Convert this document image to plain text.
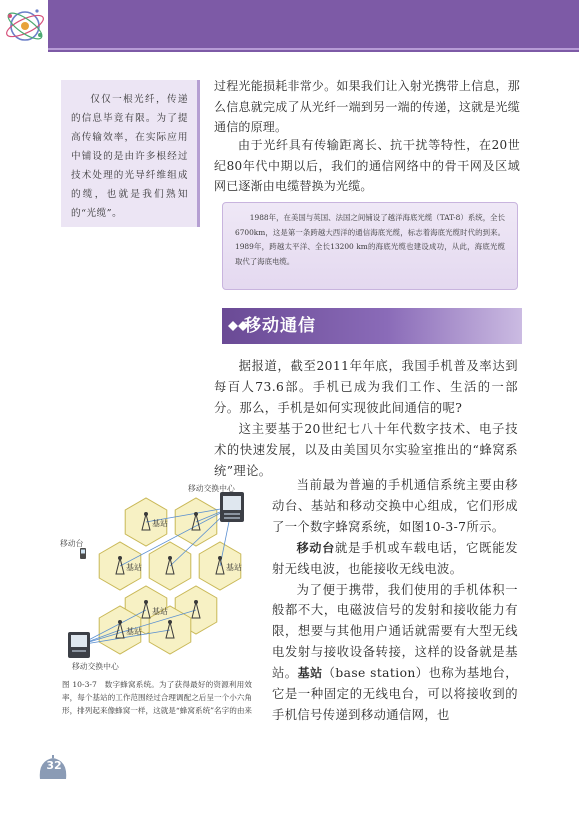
仅仅一根光纤，传递的信息毕竟有限。为了提高传输效率，在实际应用中铺设的是由许多根经过技术处理的光导纤维组成的缆，也就是我们熟知的“光缆”。

过程光能损耗非常少。如果我们让入射光携带上信息，那么信息就完成了从光纤一端到另一端的传递，这就是光缆通信的原理。

由于光纤具有传输距离长、抗干扰等特性，在20世纪80年代中期以后，我们的通信网络中的骨干网及区域网已逐渐由电缆替换为光缆。

1988年，在美国与英国、法国之间铺设了越洋海底光缆（TAT-8）系统，全长6700km，这是第一条跨越大西洋的通信海底光缆，标志着海底光缆时代的到来。1989年，跨越太平洋、全长13200 km的海底光缆也建设成功，从此，海底光缆取代了海底电缆。

移动通信

据报道，截至2011年年底，我国手机普及率达到每百人73.6部。手机已成为我们工作、生活的一部分。那么，手机是如何实现彼此间通信的呢?

这主要基于20世纪七八十年代数字技术、电子技术的快速发展，以及由美国贝尔实验室推出的“蜂窝系统”理论。

当前最为普遍的手机通信系统主要由移动台、基站和移动交换中心组成，它们形成了一个数字蜂窝系统，如图10-3-7所示。

移动台就是手机或车载电话，它既能发射无线电波，也能接收无线电波。

为了便于携带，我们使用的手机体积一般都不大，电磁波信号的发射和接收能力有限，想要与其他用户通话就需要有大型无线电发射与接收设备转接，这样的设备就是基站。基站（base station）也称为基地台，它是一种固定的无线电台，可以将接收到的手机信号传递到移动通信网，也

基站
基站	基站
基站
基站
移动交换中心
移动台
移动交换中心
图 10-3-7　数字蜂窝系统。为了获得最好的资源利用效率，每个基站的工作范围经过合理调配之后呈一个小六角形，排列起来像蜂窝一样，这就是“蜂窝系统”名字的由来
32
